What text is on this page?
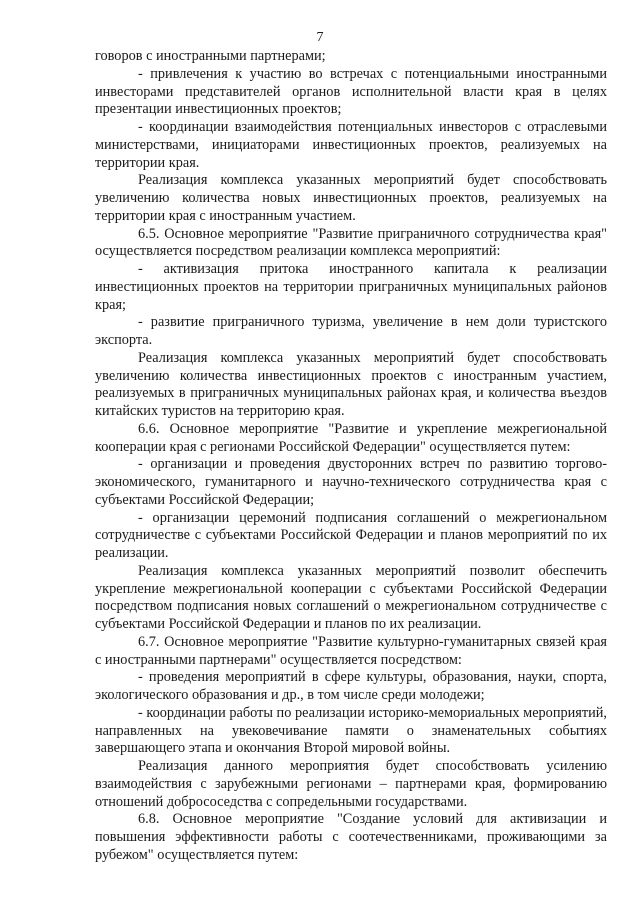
7

говоров с иностранными партнерами;

- привлечения к участию во встречах с потенциальными иностранными инвесторами представителей органов исполнительной власти края в целях презентации инвестиционных проектов;

- координации взаимодействия потенциальных инвесторов с отраслевыми министерствами, инициаторами инвестиционных проектов, реализуемых на территории края.

Реализация комплекса указанных мероприятий будет способствовать увеличению количества новых инвестиционных проектов, реализуемых на территории края с иностранным участием.

6.5. Основное мероприятие "Развитие приграничного сотрудничества края" осуществляется посредством реализации комплекса мероприятий:

- активизация притока иностранного капитала к реализации инвестиционных проектов на территории приграничных муниципальных районов края;

- развитие приграничного туризма, увеличение в нем доли туристского экспорта.

Реализация комплекса указанных мероприятий будет способствовать увеличению количества инвестиционных проектов с иностранным участием, реализуемых в приграничных муниципальных районах края, и количества въездов китайских туристов на территорию края.

6.6. Основное мероприятие "Развитие и укрепление межрегиональной кооперации края с регионами Российской Федерации" осуществляется путем:

- организации и проведения двусторонних встреч по развитию торгово-экономического, гуманитарного и научно-технического сотрудничества края с субъектами Российской Федерации;

- организации церемоний подписания соглашений о межрегиональном сотрудничестве с субъектами Российской Федерации и планов мероприятий по их реализации.

Реализация комплекса указанных мероприятий позволит обеспечить укрепление межрегиональной кооперации с субъектами Российской Федерации посредством подписания новых соглашений о межрегиональном сотрудничестве с субъектами Российской Федерации и планов по их реализации.

6.7. Основное мероприятие "Развитие культурно-гуманитарных связей края с иностранными партнерами" осуществляется посредством:

- проведения мероприятий в сфере культуры, образования, науки, спорта, экологического образования и др., в том числе среди молодежи;

- координации работы по реализации историко-мемориальных мероприятий, направленных на увековечивание памяти о знаменательных событиях завершающего этапа и окончания Второй мировой войны.

Реализация данного мероприятия будет способствовать усилению взаимодействия с зарубежными регионами – партнерами края, формированию отношений добрососедства с сопредельными государствами.

6.8. Основное мероприятие "Создание условий для активизации и повышения эффективности работы с соотечественниками, проживающими за рубежом" осуществляется путем:
